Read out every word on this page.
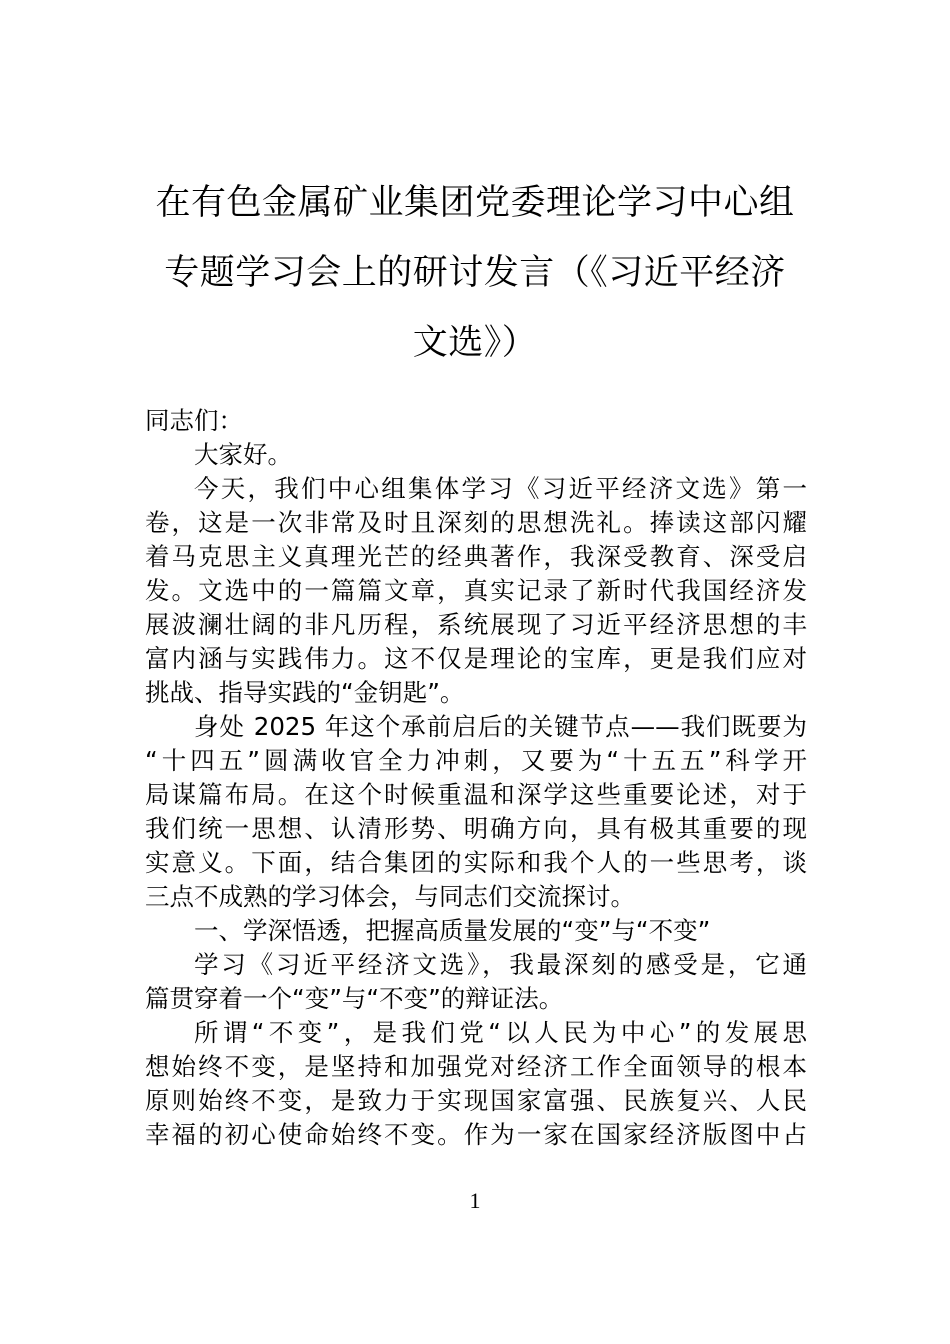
在有色金属矿业集团党委理论学习中心组
专题学习会上的研讨发言（《习近平经济
文选》）
同志们：
大家好。
今天，我们中心组集体学习《习近平经济文选》第一
卷，这是一次非常及时且深刻的思想洗礼。捧读这部闪耀
着马克思主义真理光芒的经典著作，我深受教育、深受启
发。文选中的一篇篇文章，真实记录了新时代我国经济发
展波澜壮阔的非凡历程，系统展现了习近平经济思想的丰
富内涵与实践伟力。这不仅是理论的宝库，更是我们应对
挑战、指导实践的“金钥匙”。
身处 2025 年这个承前启后的关键节点——我们既要为
“十四五”圆满收官全力冲刺，又要为“十五五”科学开
局谋篇布局。在这个时候重温和深学这些重要论述，对于
我们统一思想、认清形势、明确方向，具有极其重要的现
实意义。下面，结合集团的实际和我个人的一些思考，谈
三点不成熟的学习体会，与同志们交流探讨。
一、学深悟透，把握高质量发展的“变”与“不变”
学习《习近平经济文选》，我最深刻的感受是，它通
篇贯穿着一个“变”与“不变”的辩证法。
所谓“不变”，是我们党“以人民为中心”的发展思
想始终不变，是坚持和加强党对经济工作全面领导的根本
原则始终不变，是致力于实现国家富强、民族复兴、人民
幸福的初心使命始终不变。作为一家在国家经济版图中占
1
